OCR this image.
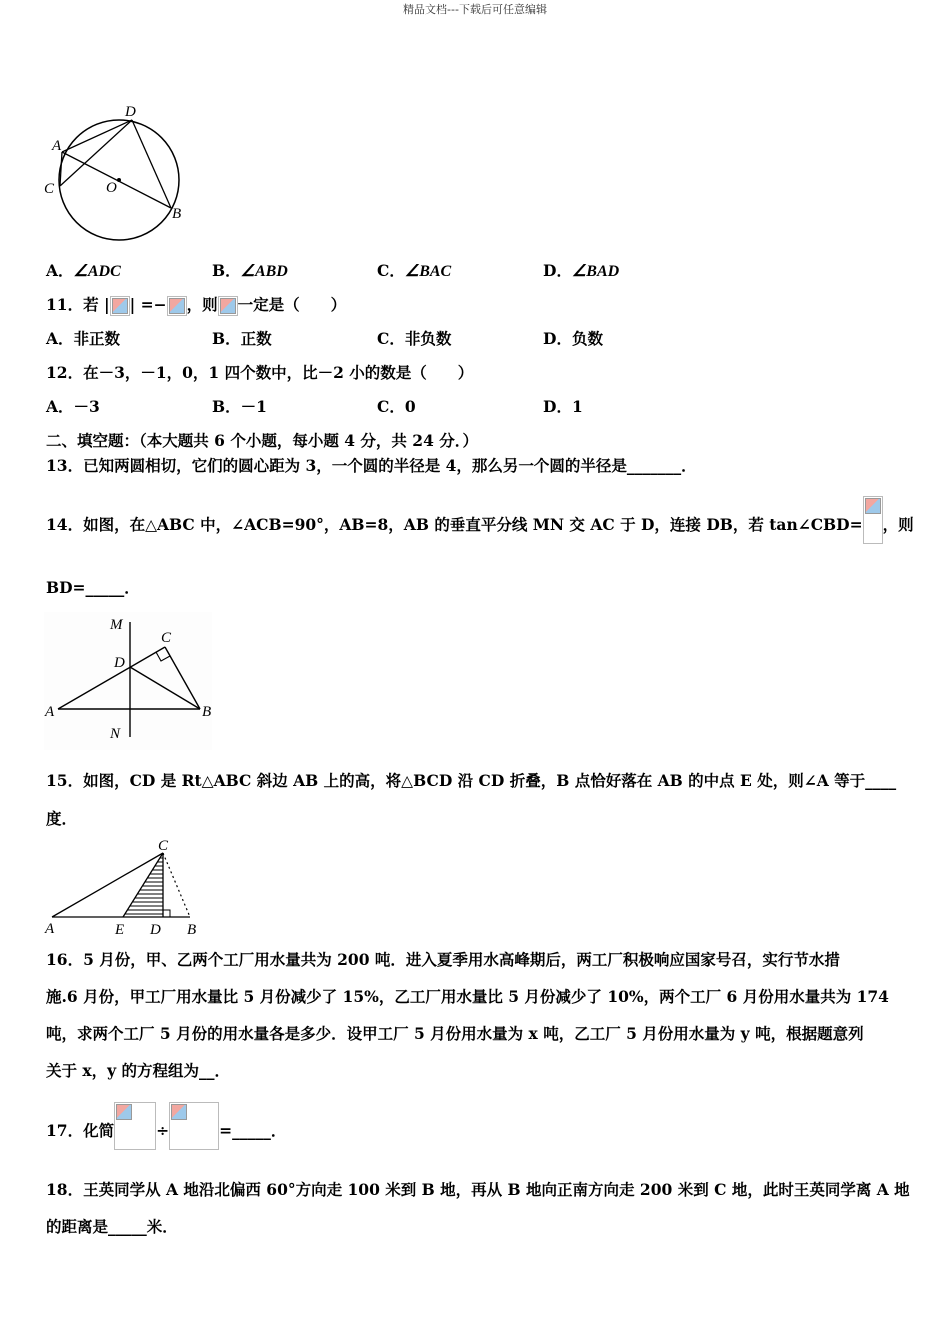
精品文档---下载后可任意编辑
D
A
C	O
B
A．∠ADC	B．∠ABD	C．∠BAC	D．∠BAD
11．若 | | =− ，则 一定是（　　）
A．非正数	B．正数	C．非负数	D．负数
12．在－3，－1，0，1 四个数中，比－2 小的数是（　　）
A．－3	B．－1	C．0	D．1
二、填空题：（本大题共 6 个小题，每小题 4 分，共 24 分．）
13．已知两圆相切，它们的圆心距为 3，一个圆的半径是 4，那么另一个圆的半径是_______．
14．如图，在△ABC 中，∠ACB=90°，AB=8，AB 的垂直平分线 MN 交 AC 于 D，连接 DB，若 tan∠CBD= ，则
BD=_____．
M
C
D
A	B
N
15．如图，CD 是 Rt△ABC 斜边 AB 上的高，将△BCD 沿 CD 折叠，B 点恰好落在 AB 的中点 E 处，则∠A 等于____
度．
C
A	E D B
16．5 月份，甲、乙两个工厂用水量共为 200 吨．进入夏季用水高峰期后，两工厂积极响应国家号召，实行节水措
施.6 月份，甲工厂用水量比 5 月份减少了 15%，乙工厂用水量比 5 月份减少了 10%，两个工厂 6 月份用水量共为 174
吨，求两个工厂 5 月份的用水量各是多少．设甲工厂 5 月份用水量为 x 吨，乙工厂 5 月份用水量为 y 吨，根据题意列
关于 x，y 的方程组为__．
17．化简	÷	=_____．
18．王英同学从 A 地沿北偏西 60°方向走 100 米到 B 地，再从 B 地向正南方向走 200 米到 C 地，此时王英同学离 A 地
的距离是_____米．
